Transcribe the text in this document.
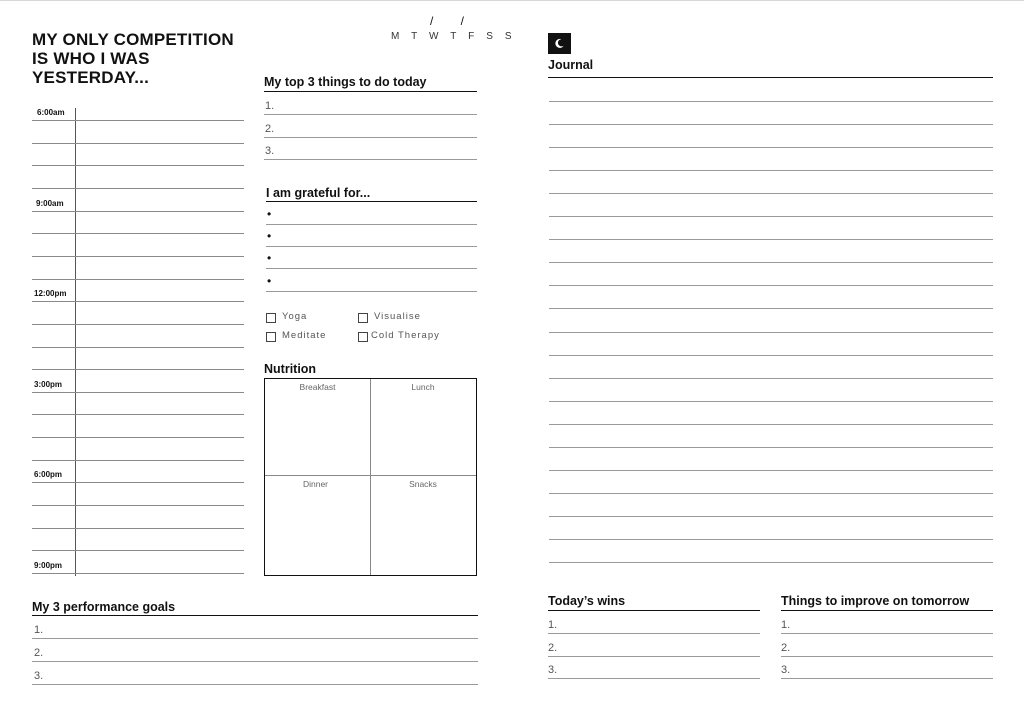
MY ONLY COMPETITION
IS WHO I WAS
YESTERDAY...
/ /
M T W T F S S
6:00am
9:00am
12:00pm
3:00pm
6:00pm
9:00pm
My top 3 things to do today
1.
2.
3.
I am grateful for...
•
•
•
•
Yoga	Visualise
Meditate	Cold Therapy
Nutrition
Breakfast	Lunch
Dinner	Snacks
My 3 performance goals
1.
2.
3.
Journal
Today’s wins
1.
2.
3.
Things to improve on tomorrow
1.
2.
3.
